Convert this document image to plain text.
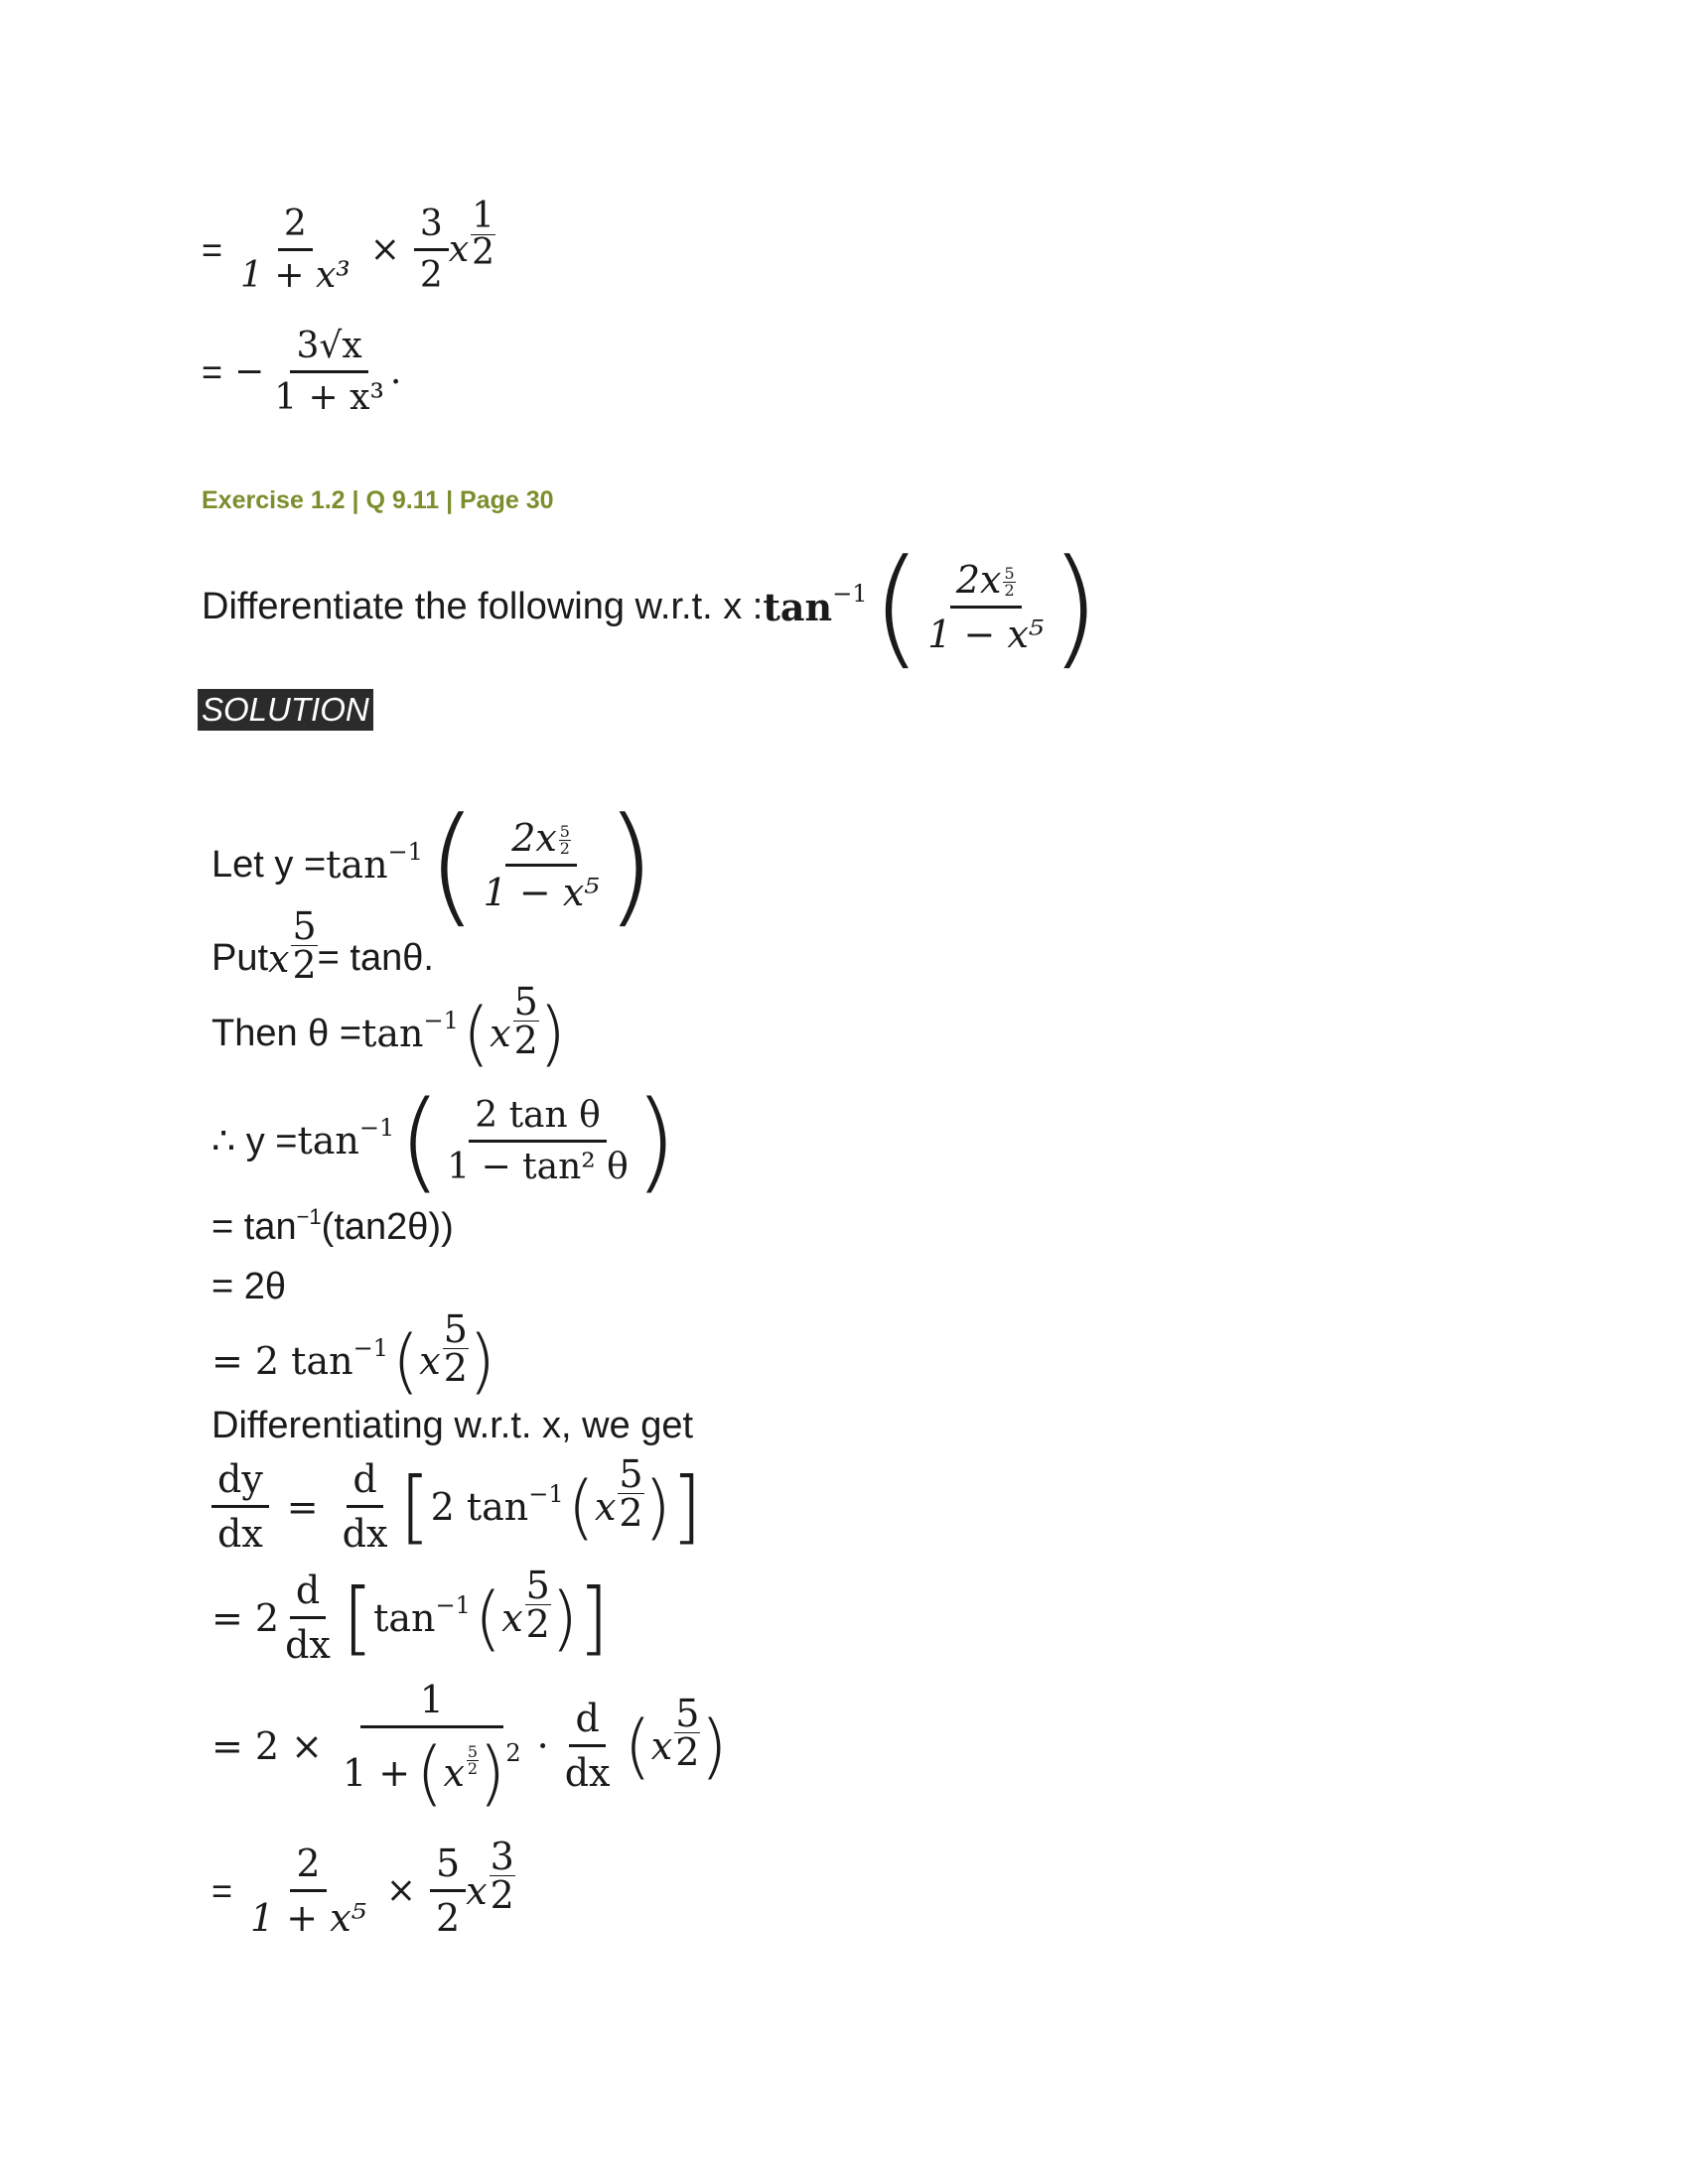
= $\frac{2}{\text{1 + x³}} \times \frac{3}{2}$ x
1
2
= − $\frac{3√x}{\text{1 + x³}}$ .
Exercise 1.2 | Q 9.11 | Page 30
Differentiate the following w.r.t. x : tan −1 ( $\frac{2x \frac{5}{2}}{\text{1 − x⁵}}$ )
SOLUTION
Let y = tan −1 ( $\frac{2x \frac{5}{2}}{\text{1 − x⁵}}$ )
Put x $\frac{5}{2} = \tan\theta$.
Then θ = tan −1 ( x
5
2 )
∴ y = tan −1 ( $\frac{\text{2 tan θ}}{\text{1 − tan² θ}}$ )
= tan −1 (tan2θ))
= 2θ
= 2 tan −1 ( x
5
2 )
Differentiating w.r.t. x, we get
$\frac{dy}{dx} = \frac{d}{dx}$ [ 2 tan −1 ( x
5
2 ) ]
= $2 \frac{d}{dx}$ [ tan −1 ( x
5
2 ) ]
= 2 × 1
1 + ( x 5
2 ) $2 \cdot \frac{d}{dx}$ ( x
5
2 )
= $\frac{2}{\text{1 + x⁵}} \times \frac{5}{2}$ x
3
2
